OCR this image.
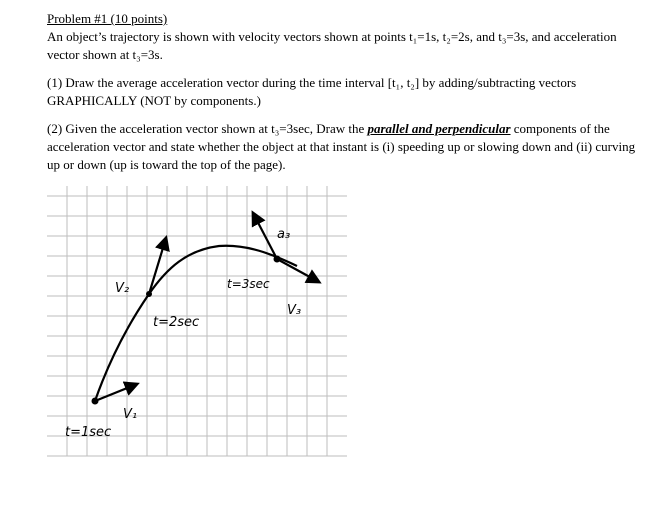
Problem #1 (10 points)

An object’s trajectory is shown with velocity vectors shown at points t₁=1s, t₂=2s, and t₃=3s, and acceleration vector shown at t₃=3s.

(1) Draw the average acceleration vector during the time interval [t₁, t₂] by adding/subtracting vectors GRAPHICALLY (NOT by components.)

(2) Given the acceleration vector shown at t₃=3sec, Draw the parallel and perpendicular components of the acceleration vector and state whether the object at that instant is (i) speeding up or slowing down and (ii) curving up or down (up is toward the top of the page).

t=1sec
V₁
V₂
t=2sec
t=3sec
V₃
a₃
